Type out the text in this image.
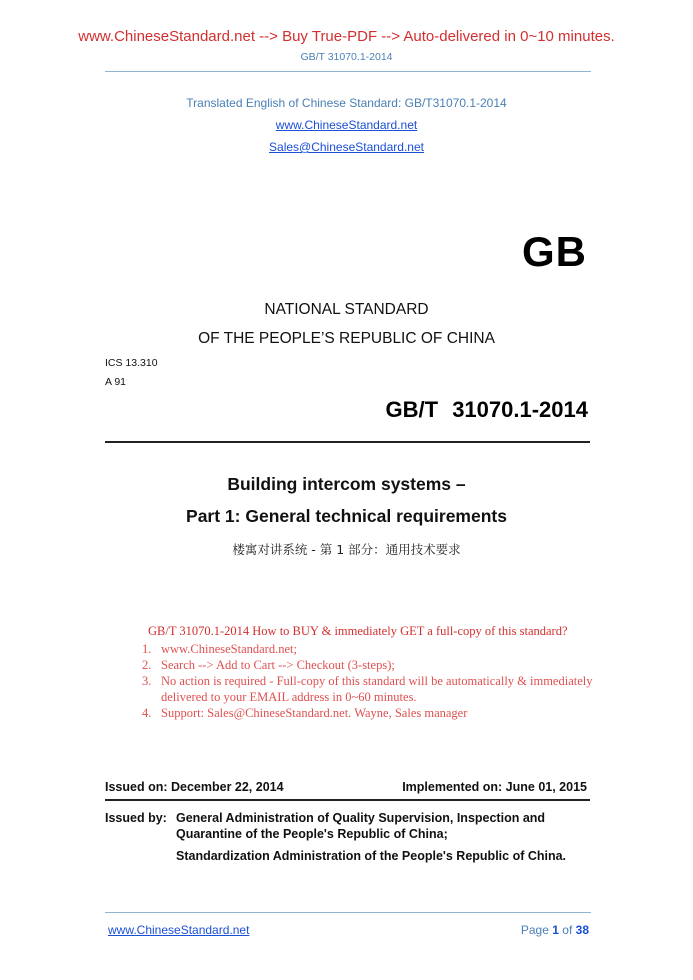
www.ChineseStandard.net --> Buy True-PDF --> Auto-delivered in 0~10 minutes.
GB/T 31070.1-2014
Translated English of Chinese Standard: GB/T31070.1-2014
www.ChineseStandard.net
Sales@ChineseStandard.net
GB
NATIONAL STANDARD
OF THE PEOPLE’S REPUBLIC OF CHINA
ICS 13.310
A 91
GB/T 31070.1-2014
Building intercom systems –
Part 1: General technical requirements
楼寓对讲系统 - 第 1 部分：通用技术要求
GB/T 31070.1-2014 How to BUY & immediately GET a full-copy of this standard?
1. www.ChineseStandard.net;
2. Search --> Add to Cart --> Checkout (3-steps);
3. No action is required - Full-copy of this standard will be automatically & immediately delivered to your EMAIL address in 0~60 minutes.
4. Support: Sales@ChineseStandard.net. Wayne, Sales manager
Issued on: December 22, 2014	Implemented on: June 01, 2015
Issued by: General Administration of Quality Supervision, Inspection and Quarantine of the People's Republic of China;
Standardization Administration of the People's Republic of China.
www.ChineseStandard.net	Page 1 of 38
